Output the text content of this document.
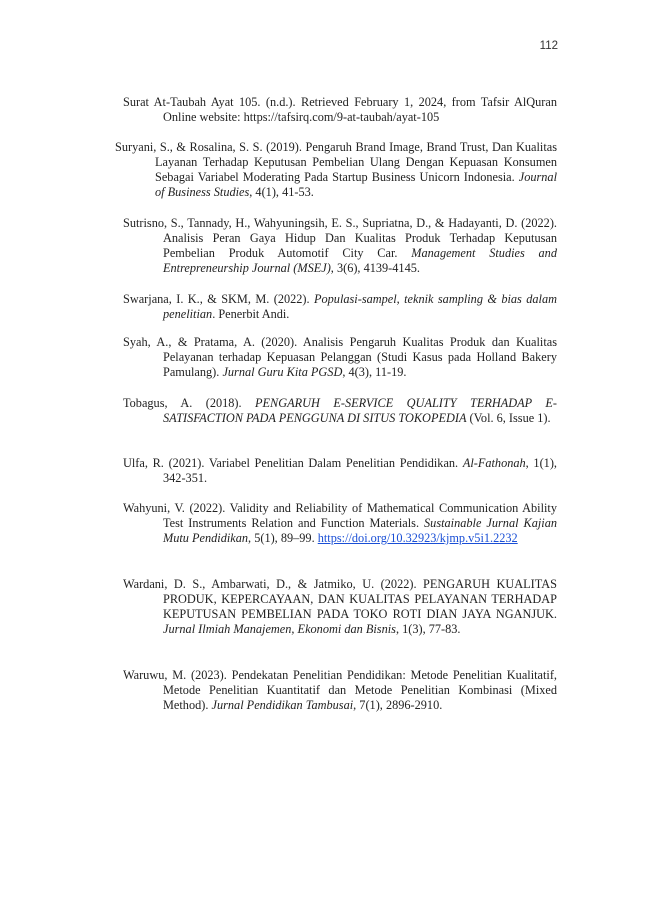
112
Surat At-Taubah Ayat 105. (n.d.). Retrieved February 1, 2024, from Tafsir AlQuran Online website: https://tafsirq.com/9-at-taubah/ayat-105
Suryani, S., & Rosalina, S. S. (2019). Pengaruh Brand Image, Brand Trust, Dan Kualitas Layanan Terhadap Keputusan Pembelian Ulang Dengan Kepuasan Konsumen Sebagai Variabel Moderating Pada Startup Business Unicorn Indonesia. Journal of Business Studies, 4(1), 41-53.
Sutrisno, S., Tannady, H., Wahyuningsih, E. S., Supriatna, D., & Hadayanti, D. (2022). Analisis Peran Gaya Hidup Dan Kualitas Produk Terhadap Keputusan Pembelian Produk Automotif City Car. Management Studies and Entrepreneurship Journal (MSEJ), 3(6), 4139-4145.
Swarjana, I. K., & SKM, M. (2022). Populasi-sampel, teknik sampling & bias dalam penelitian. Penerbit Andi.
Syah, A., & Pratama, A. (2020). Analisis Pengaruh Kualitas Produk dan Kualitas Pelayanan terhadap Kepuasan Pelanggan (Studi Kasus pada Holland Bakery Pamulang). Jurnal Guru Kita PGSD, 4(3), 11-19.
Tobagus, A. (2018). PENGARUH E-SERVICE QUALITY TERHADAP E-SATISFACTION PADA PENGGUNA DI SITUS TOKOPEDIA (Vol. 6, Issue 1).
Ulfa, R. (2021). Variabel Penelitian Dalam Penelitian Pendidikan. Al-Fathonah, 1(1), 342-351.
Wahyuni, V. (2022). Validity and Reliability of Mathematical Communication Ability Test Instruments Relation and Function Materials. Sustainable Jurnal Kajian Mutu Pendidikan, 5(1), 89–99. https://doi.org/10.32923/kjmp.v5i1.2232
Wardani, D. S., Ambarwati, D., & Jatmiko, U. (2022). PENGARUH KUALITAS PRODUK, KEPERCAYAAN, DAN KUALITAS PELAYANAN TERHADAP KEPUTUSAN PEMBELIAN PADA TOKO ROTI DIAN JAYA NGANJUK. Jurnal Ilmiah Manajemen, Ekonomi dan Bisnis, 1(3), 77-83.
Waruwu, M. (2023). Pendekatan Penelitian Pendidikan: Metode Penelitian Kualitatif, Metode Penelitian Kuantitatif dan Metode Penelitian Kombinasi (Mixed Method). Jurnal Pendidikan Tambusai, 7(1), 2896-2910.
